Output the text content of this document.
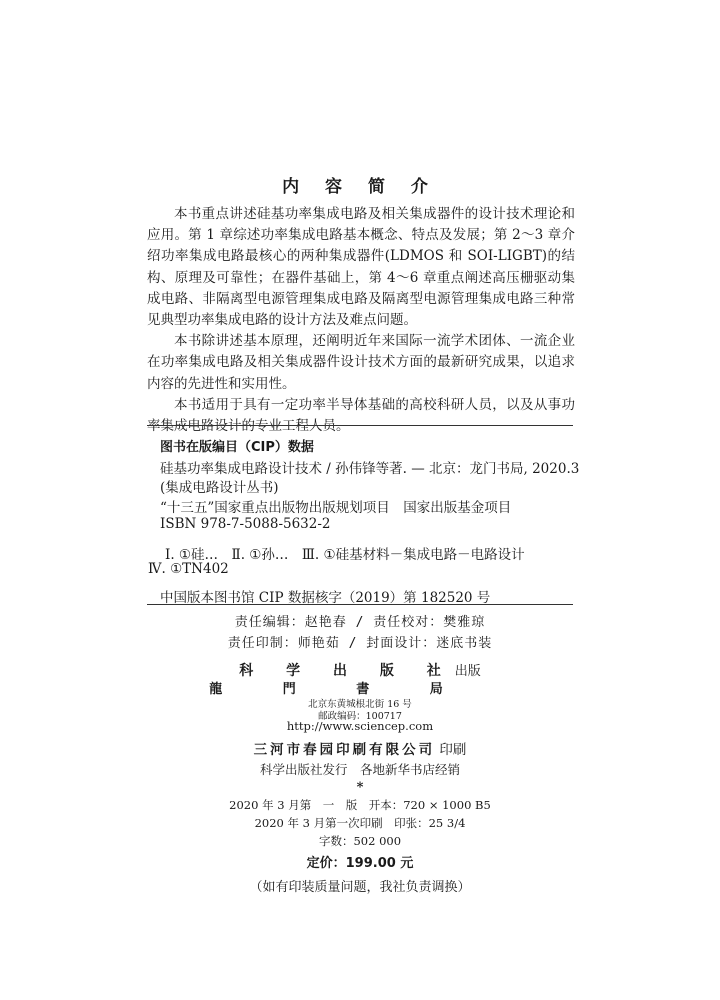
内 容 简 介

本书重点讲述硅基功率集成电路及相关集成器件的设计技术理论和应用。第 1 章综述功率集成电路基本概念、特点及发展；第 2～3 章介绍功率集成电路最核心的两种集成器件(LDMOS 和 SOI-LIGBT)的结构、原理及可靠性；在器件基础上，第 4～6 章重点阐述高压栅驱动集成电路、非隔离型电源管理集成电路及隔离型电源管理集成电路三种常见典型功率集成电路的设计方法及难点问题。

本书除讲述基本原理，还阐明近年来国际一流学术团体、一流企业在功率集成电路及相关集成器件设计技术方面的最新研究成果，以追求内容的先进性和实用性。

本书适用于具有一定功率半导体基础的高校科研人员，以及从事功率集成电路设计的专业工程人员。

图书在版编目（CIP）数据
硅基功率集成电路设计技术 / 孙伟锋等著. — 北京：龙门书局, 2020.3
(集成电路设计丛书)
“十三五”国家重点出版物出版规划项目　国家出版基金项目
ISBN 978-7-5088-5632-2
Ⅰ. ①硅…　Ⅱ. ①孙…　Ⅲ. ①硅基材料－集成电路－电路设计
Ⅳ. ①TN402
中国版本图书馆 CIP 数据核字（2019）第 182520 号
责任编辑：赵艳春 / 责任校对：樊雅琼
责任印制：师艳茹 / 封面设计：迷底书装
科 学 出 版 社出版
龍 門 書 局
北京东黄城根北街 16 号
邮政编码：100717
http://www.sciencep.com
三河市春园印刷有限公司 印刷
科学出版社发行　各地新华书店经销
*
2020 年 3 月第　一　版　开本：720 × 1000 B5
2020 年 3 月第一次印刷　印张：25 3/4
字数：502 000
定价：199.00 元
（如有印装质量问题，我社负责调换）
